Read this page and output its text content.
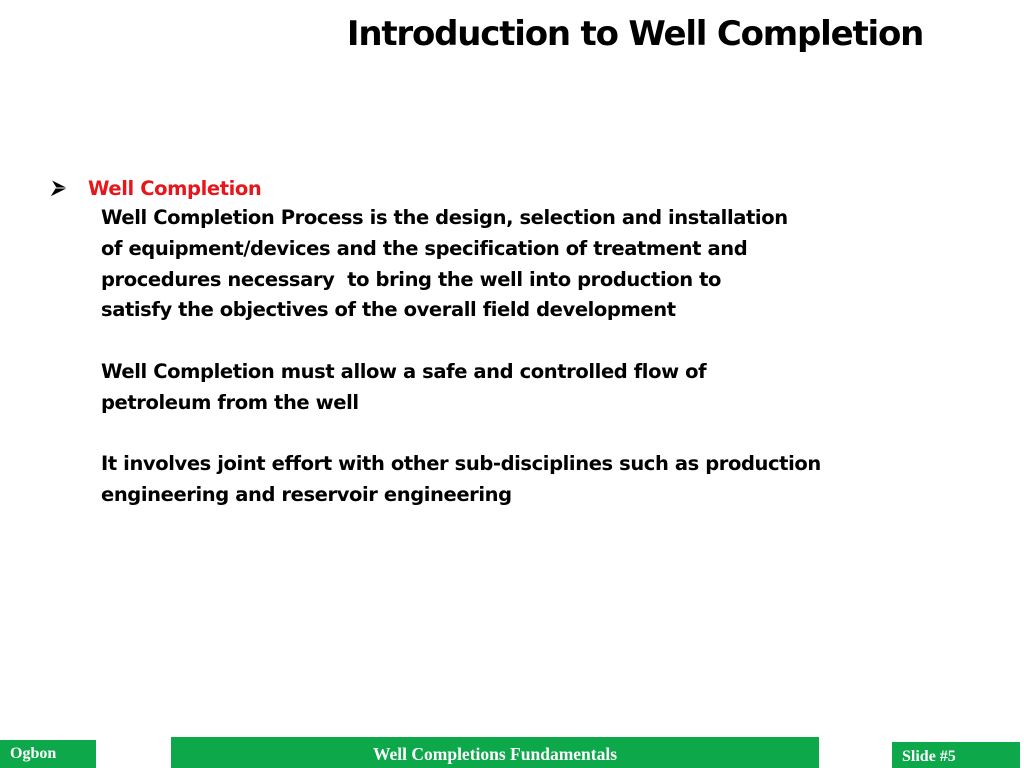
Introduction to Well Completion
Well Completion

Well Completion Process is the design, selection and installation
of equipment/devices and the specification of treatment and
procedures necessary  to bring the well into production to
satisfy the objectives of the overall field development

Well Completion must allow a safe and controlled flow of
petroleum from the well

It involves joint effort with other sub-disciplines such as production
engineering and reservoir engineering

Ogbon	Well Completions Fundamentals	Slide #5
